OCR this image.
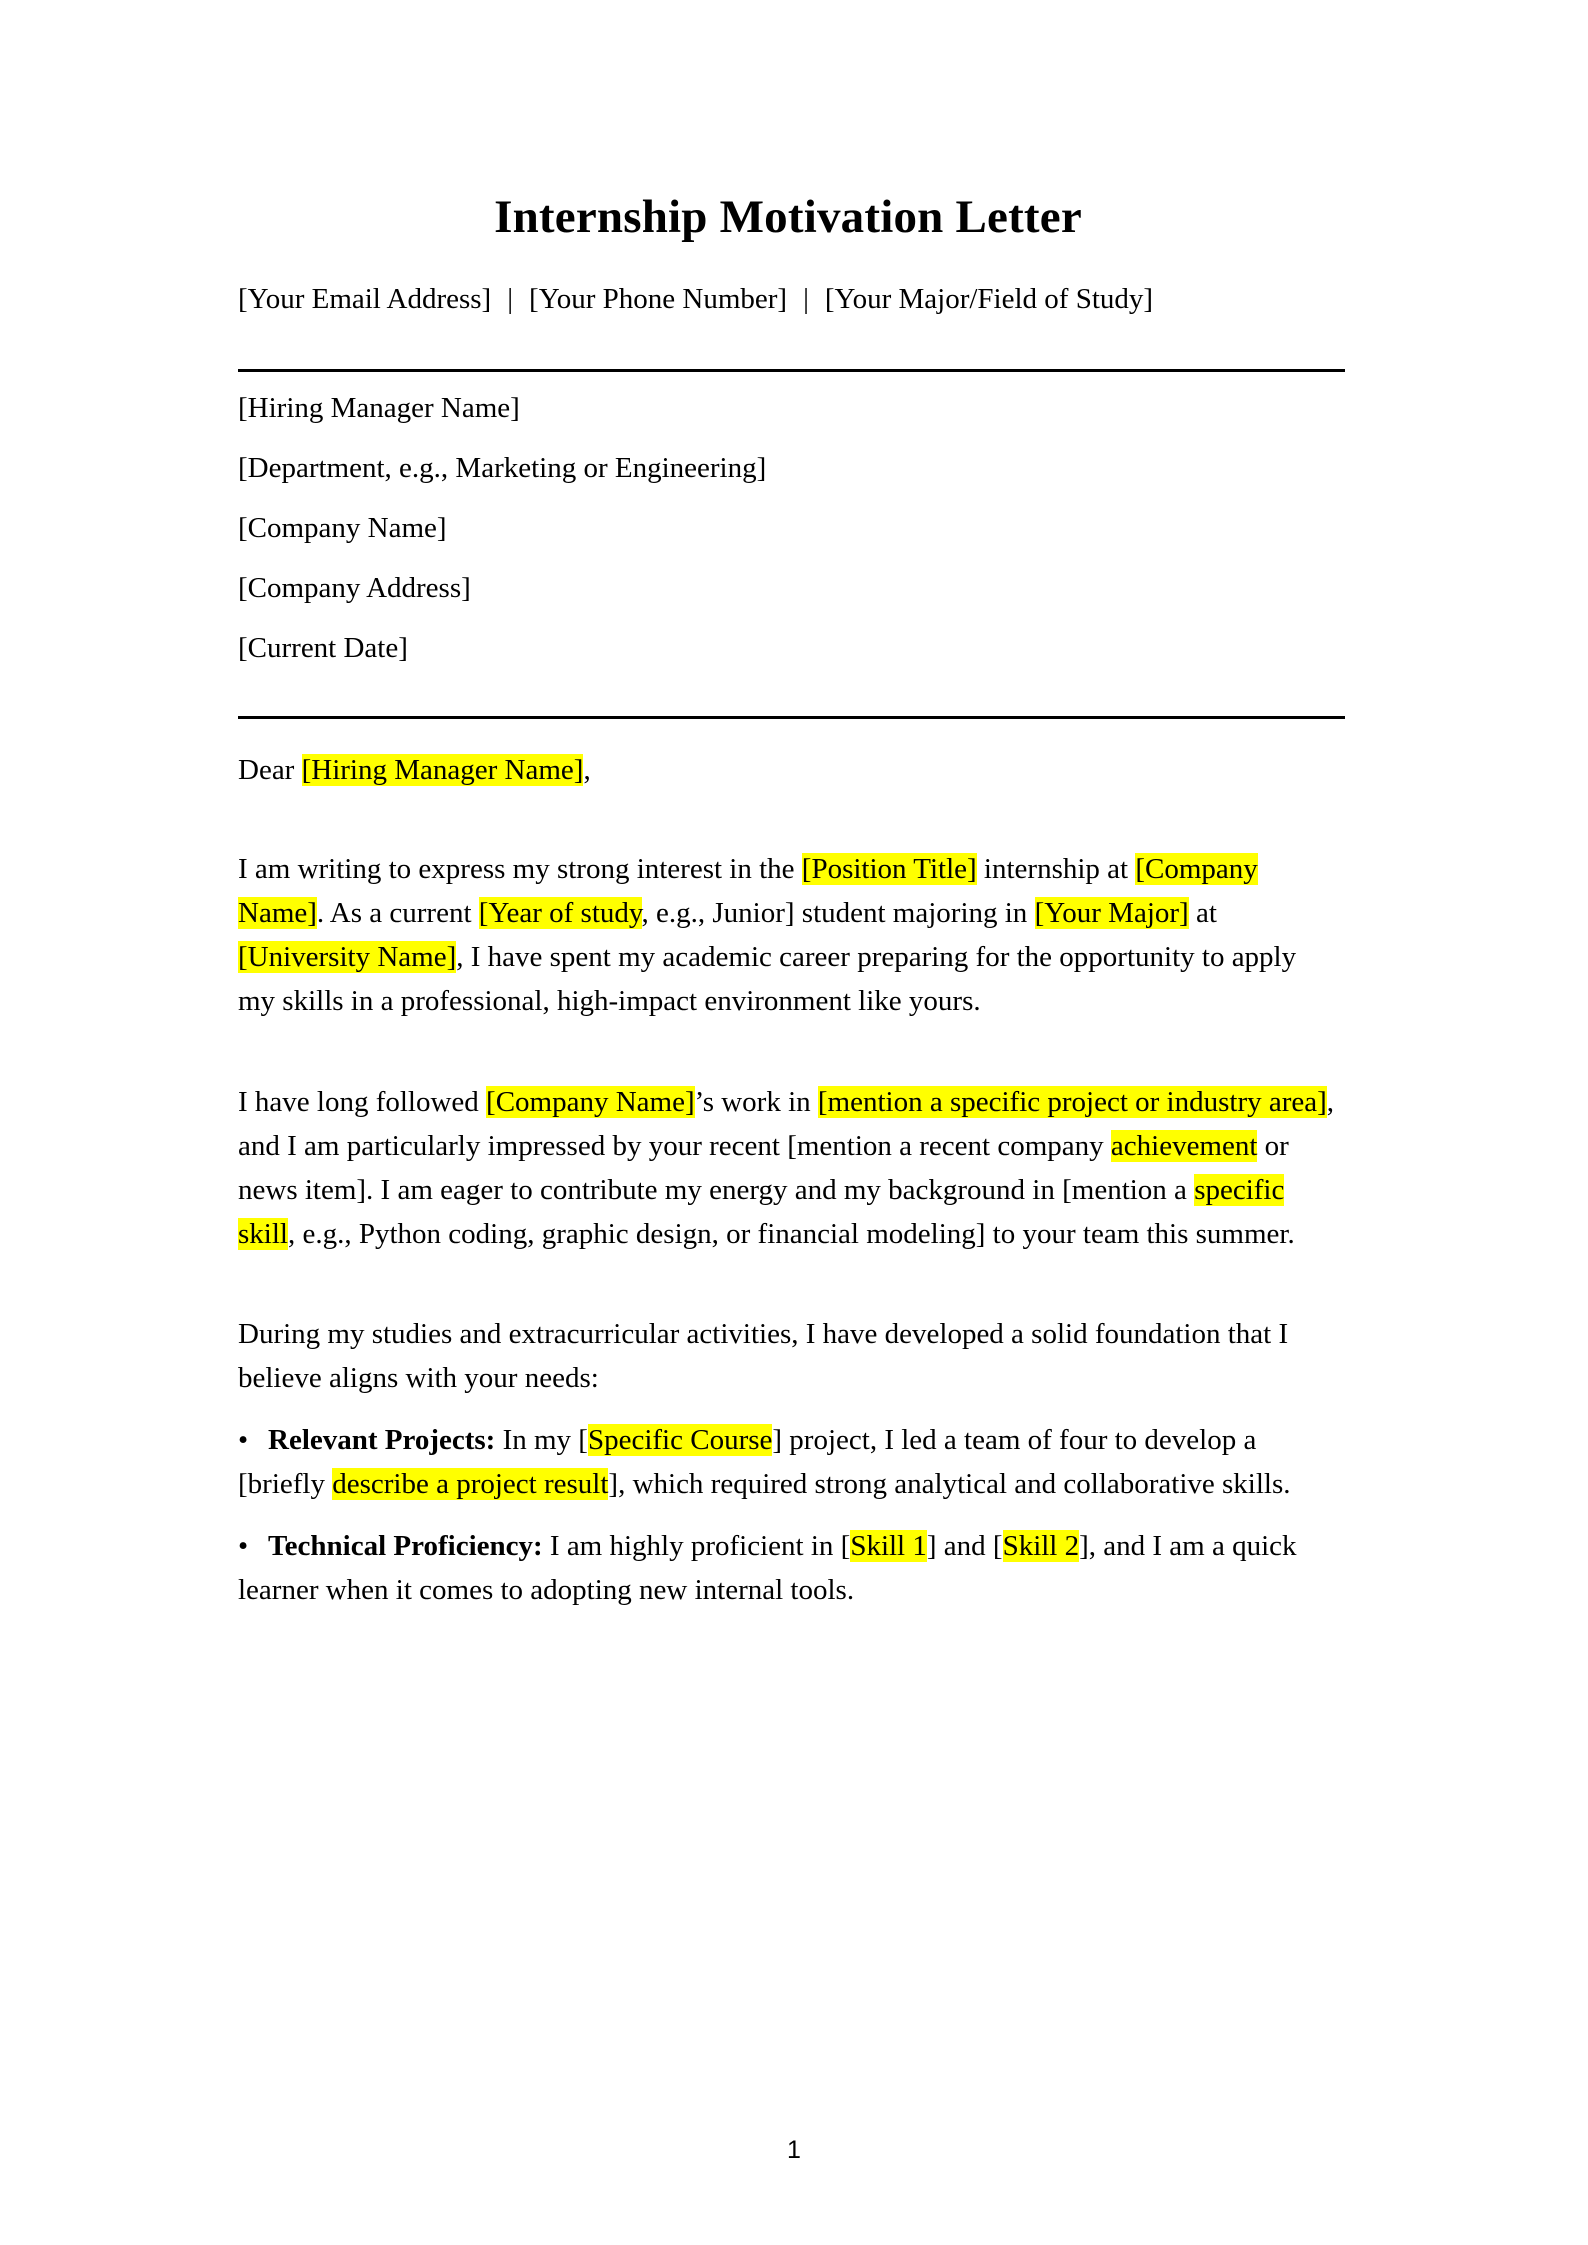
Internship Motivation Letter

[Your Email Address] | [Your Phone Number] | [Your Major/Field of Study]

[Hiring Manager Name]

[Department, e.g., Marketing or Engineering]

[Company Name]

[Company Address]

[Current Date]

Dear [Hiring Manager Name],

I am writing to express my strong interest in the [Position Title] internship at [Company Name]. As a current [Year of study, e.g., Junior] student majoring in [Your Major] at [University Name], I have spent my academic career preparing for the opportunity to apply my skills in a professional, high-impact environment like yours.

I have long followed [Company Name]’s work in [mention a specific project or industry area], and I am particularly impressed by your recent [mention a recent company achievement or news item]. I am eager to contribute my energy and my background in [mention a specific skill, e.g., Python coding, graphic design, or financial modeling] to your team this summer.

During my studies and extracurricular activities, I have developed a solid foundation that I believe aligns with your needs:

• Relevant Projects: In my [Specific Course] project, I led a team of four to develop a [briefly describe a project result], which required strong analytical and collaborative skills.

• Technical Proficiency: I am highly proficient in [Skill 1] and [Skill 2], and I am a quick learner when it comes to adopting new internal tools.

1
